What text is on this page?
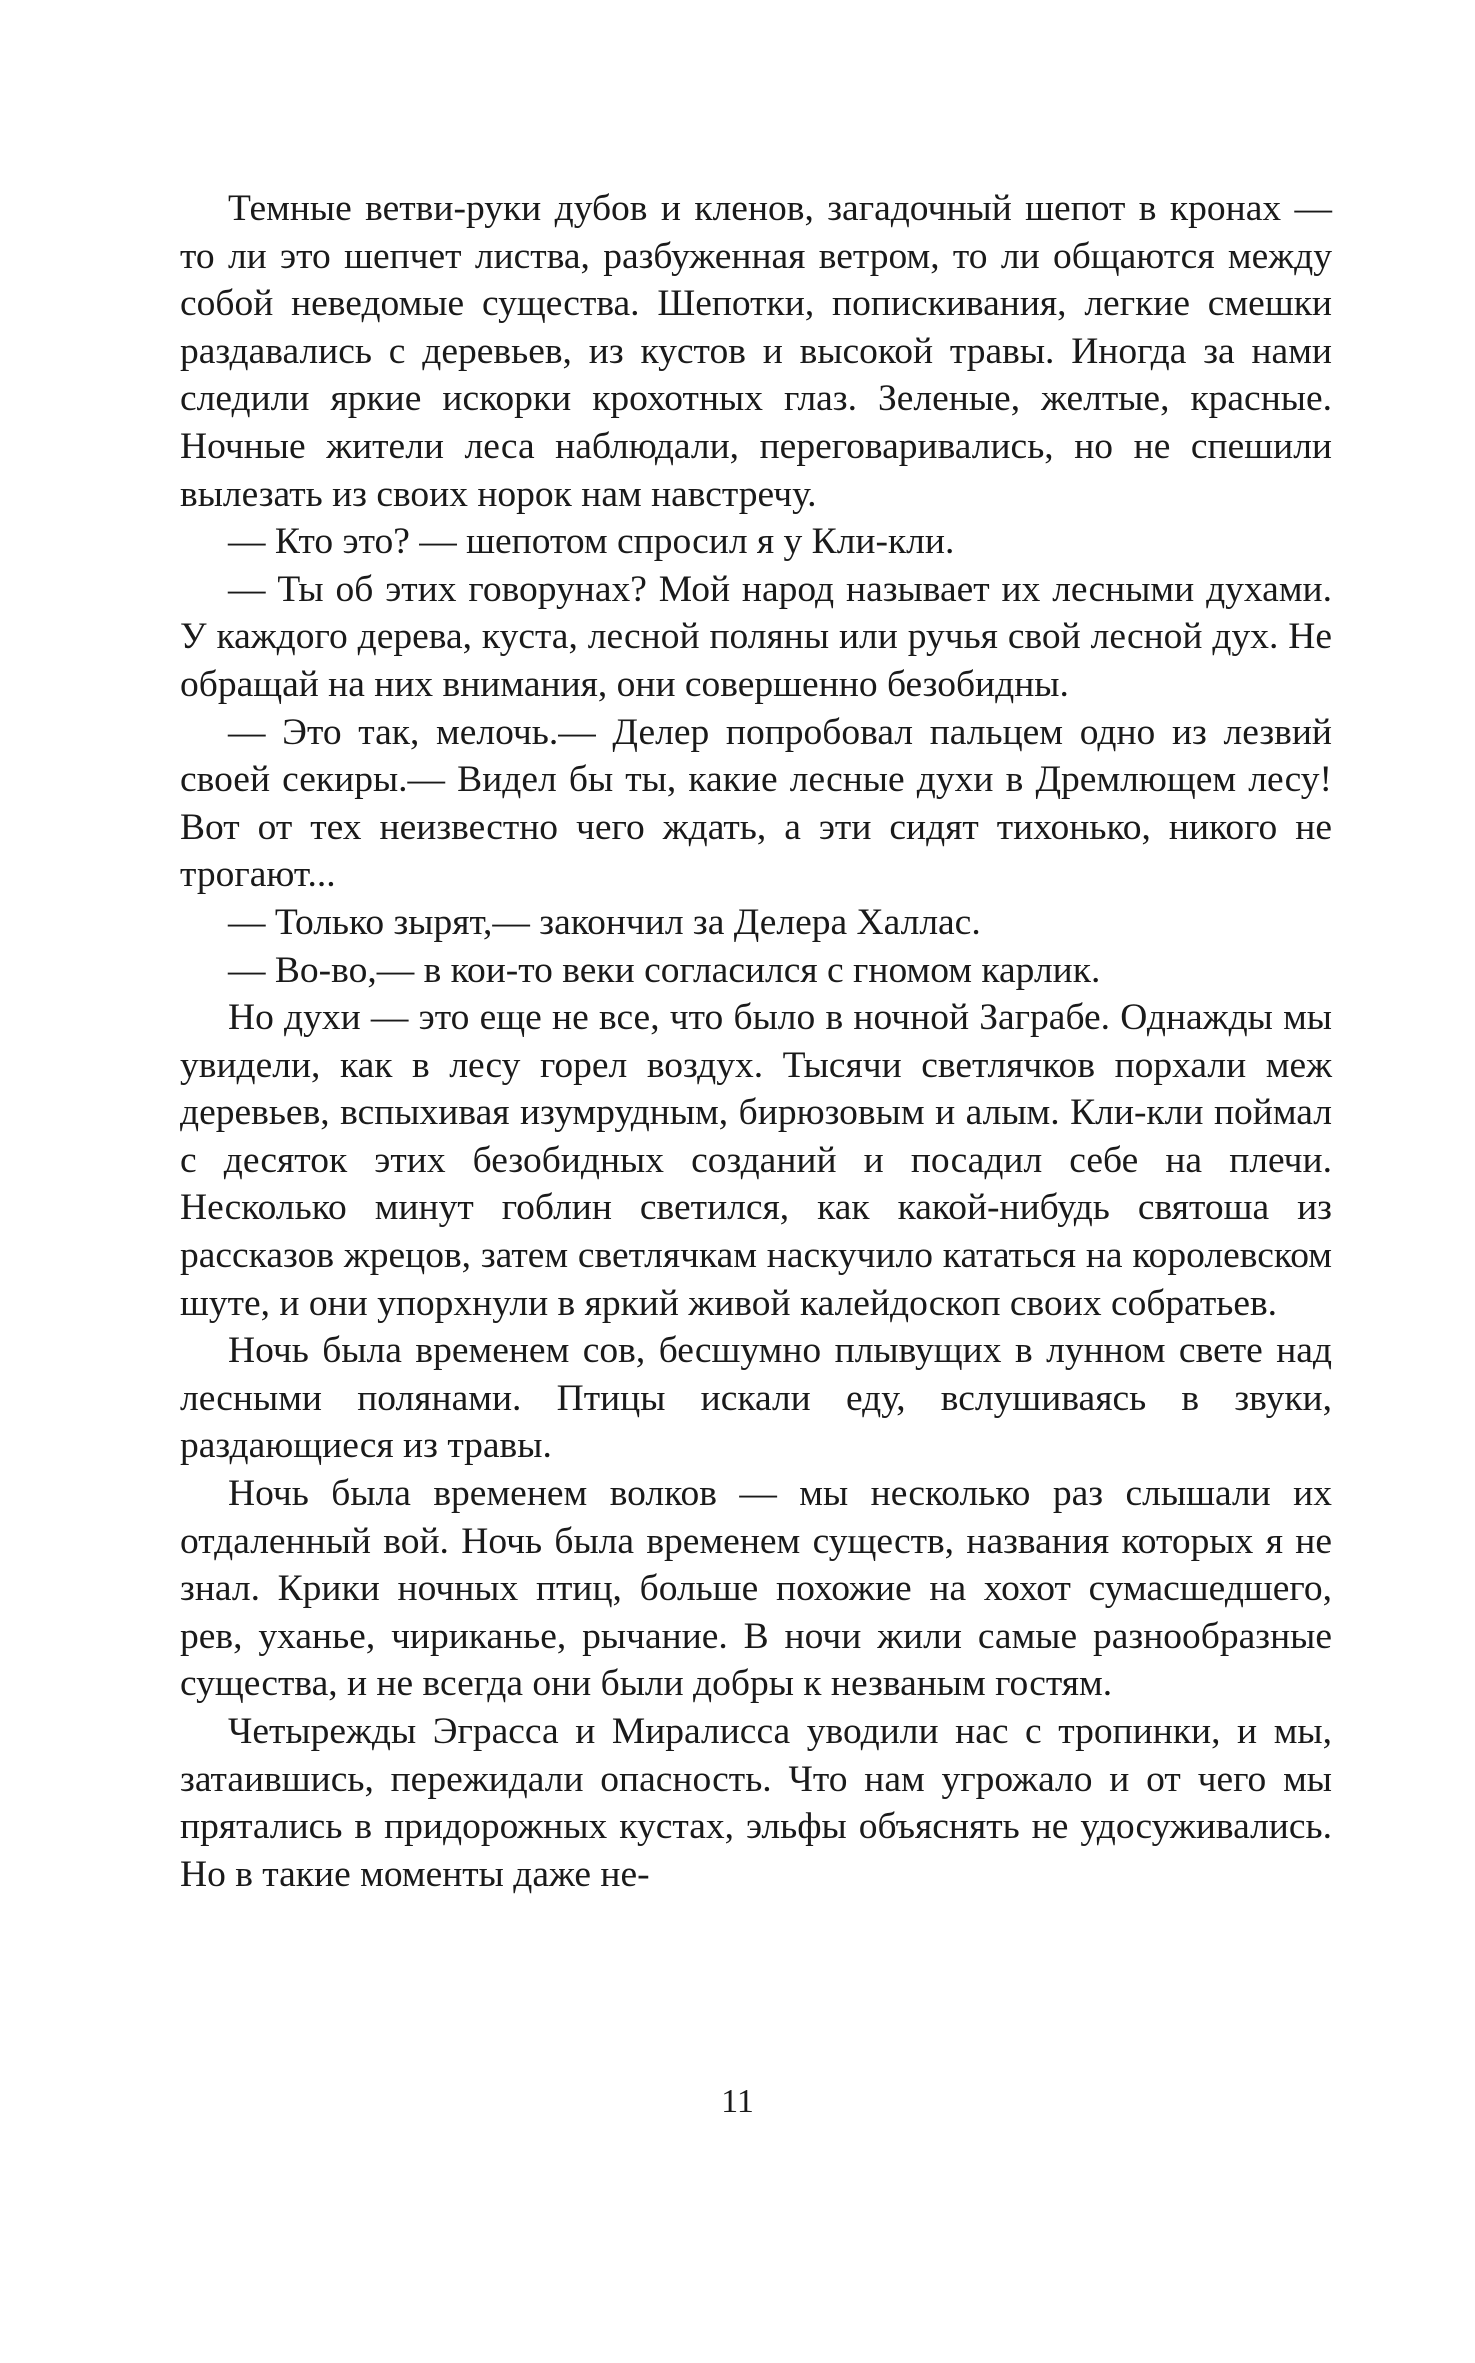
Темные ветви-руки дубов и кленов, загадочный шепот в кронах — то ли это шепчет листва, разбуженная ветром, то ли общаются между собой неведомые существа. Шепотки, попискивания, легкие смешки раздавались с деревьев, из кустов и высокой травы. Иногда за нами следили яркие искорки крохотных глаз. Зеленые, желтые, красные. Ночные жители леса наблюдали, переговаривались, но не спешили вылезать из своих норок нам навстречу.

— Кто это? — шепотом спросил я у Кли-кли.

— Ты об этих говорунах? Мой народ называет их лесными духами. У каждого дерева, куста, лесной поляны или ручья свой лесной дух. Не обращай на них внимания, они совершенно безобидны.

— Это так, мелочь.— Делер попробовал пальцем одно из лезвий своей секиры.— Видел бы ты, какие лесные духи в Дремлющем лесу! Вот от тех неизвестно чего ждать, а эти сидят тихонько, никого не трогают...

— Только зырят,— закончил за Делера Халлас.

— Во-во,— в кои-то веки согласился с гномом карлик.

Но духи — это еще не все, что было в ночной Заграбе. Однажды мы увидели, как в лесу горел воздух. Тысячи светлячков порхали меж деревьев, вспыхивая изумрудным, бирюзовым и алым. Кли-кли поймал с десяток этих безобидных созданий и посадил себе на плечи. Несколько минут гоблин светился, как какой-нибудь святоша из рассказов жрецов, затем светлячкам наскучило кататься на королевском шуте, и они упорхнули в яркий живой калейдоскоп своих собратьев.

Ночь была временем сов, бесшумно плывущих в лунном свете над лесными полянами. Птицы искали еду, вслушиваясь в звуки, раздающиеся из травы.

Ночь была временем волков — мы несколько раз слышали их отдаленный вой. Ночь была временем существ, названия которых я не знал. Крики ночных птиц, больше похожие на хохот сумасшедшего, рев, уханье, чириканье, рычание. В ночи жили самые разнообразные существа, и не всегда они были добры к незваным гостям.

Четырежды Эграсса и Миралисса уводили нас с тропинки, и мы, затаившись, пережидали опасность. Что нам угрожало и от чего мы прятались в придорожных кустах, эльфы объяснять не удосуживались. Но в такие моменты даже не-

11
